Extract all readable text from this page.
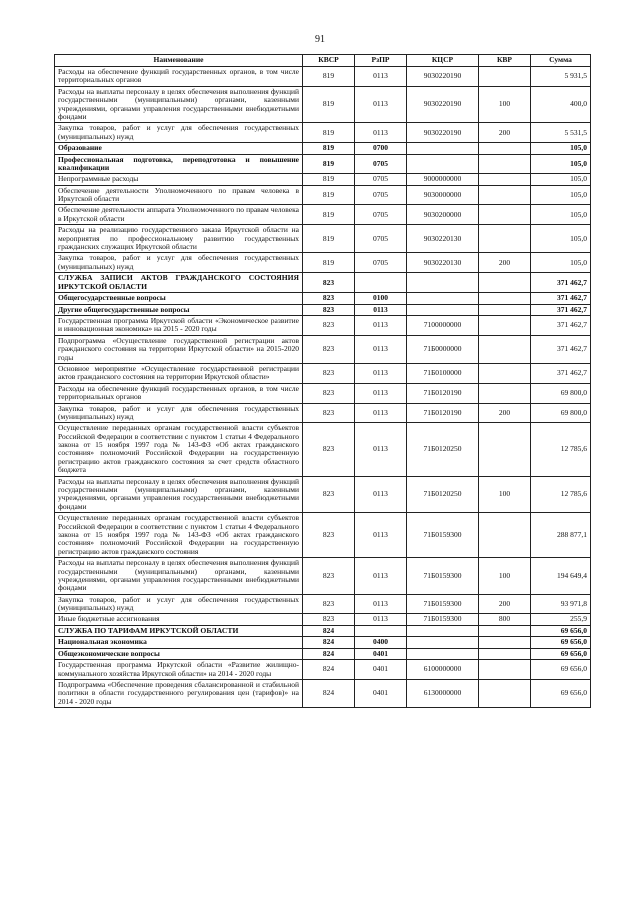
91
Наименование	КВСР	РзПР	КЦСР	КВР	Сумма
Расходы на обеспечение функций государственных органов, в том числе территориальных органов	819	0113	9030220190		5 931,5
Расходы на выплаты персоналу в целях обеспечения выполнения функций государственными (муниципальными) органами, казенными учреждениями, органами управления государственными внебюджетными фондами	819	0113	9030220190	100	400,0
Закупка товаров, работ и услуг для обеспечения государственных (муниципальных) нужд	819	0113	9030220190	200	5 531,5
Образование	819	0700			105,0
Профессиональная подготовка, переподготовка и повышение квалификации	819	0705			105,0
Непрограммные расходы	819	0705	9000000000		105,0
Обеспечение деятельности Уполномоченного по правам человека в Иркутской области	819	0705	9030000000		105,0
Обеспечение деятельности аппарата Уполномоченного по правам человека в Иркутской области	819	0705	9030200000		105,0
Расходы на реализацию государственного заказа Иркутской области на мероприятия по профессиональному развитию государственных гражданских служащих Иркутской области	819	0705	9030220130		105,0
Закупка товаров, работ и услуг для обеспечения государственных (муниципальных) нужд	819	0705	9030220130	200	105,0
СЛУЖБА ЗАПИСИ АКТОВ ГРАЖДАНСКОГО СОСТОЯНИЯ ИРКУТСКОЙ ОБЛАСТИ	823				371 462,7
Общегосударственные вопросы	823	0100			371 462,7
Другие общегосударственные вопросы	823	0113			371 462,7
Государственная программа Иркутской области «Экономическое развитие и инновационная экономика» на 2015 - 2020 годы	823	0113	7100000000		371 462,7
Подпрограмма «Осуществление государственной регистрации актов гражданского состояния на территории Иркутской области» на 2015-2020 годы	823	0113	71Б0000000		371 462,7
Основное мероприятие «Осуществление государственной регистрации актов гражданского состояния на территории Иркутской области»	823	0113	71Б0100000		371 462,7
Расходы на обеспечение функций государственных органов, в том числе территориальных органов	823	0113	71Б0120190		69 800,0
Закупка товаров, работ и услуг для обеспечения государственных (муниципальных) нужд	823	0113	71Б0120190	200	69 800,0
Осуществление переданных органам государственной власти субъектов Российской Федерации в соответствии с пунктом 1 статьи 4 Федерального закона от 15 ноября 1997 года № 143-ФЗ «Об актах гражданского состояния» полномочий Российской Федерации на государственную регистрацию актов гражданского состояния за счет средств областного бюджета	823	0113	71Б0120250		12 785,6
Расходы на выплаты персоналу в целях обеспечения выполнения функций государственными (муниципальными) органами, казенными учреждениями, органами управления государственными внебюджетными фондами	823	0113	71Б0120250	100	12 785,6
Осуществление переданных органам государственной власти субъектов Российской Федерации в соответствии с пунктом 1 статьи 4 Федерального закона от 15 ноября 1997 года № 143-ФЗ «Об актах гражданского состояния» полномочий Российской Федерации на государственную регистрацию актов гражданского состояния	823	0113	71Б0159300		288 877,1
Расходы на выплаты персоналу в целях обеспечения выполнения функций государственными (муниципальными) органами, казенными учреждениями, органами управления государственными внебюджетными фондами	823	0113	71Б0159300	100	194 649,4
Закупка товаров, работ и услуг для обеспечения государственных (муниципальных) нужд	823	0113	71Б0159300	200	93 971,8
Иные бюджетные ассигнования	823	0113	71Б0159300	800	255,9
СЛУЖБА ПО ТАРИФАМ ИРКУТСКОЙ ОБЛАСТИ	824				69 656,0
Национальная экономика	824	0400			69 656,0
Общеэкономические вопросы	824	0401			69 656,0
Государственная программа Иркутской области «Развитие жилищно-коммунального хозяйства Иркутской области» на 2014 - 2020 годы	824	0401	6100000000		69 656,0
Подпрограмма «Обеспечение проведения сбалансированной и стабильной политики в области государственного регулирования цен (тарифов)» на 2014 - 2020 годы	824	0401	6130000000		69 656,0
